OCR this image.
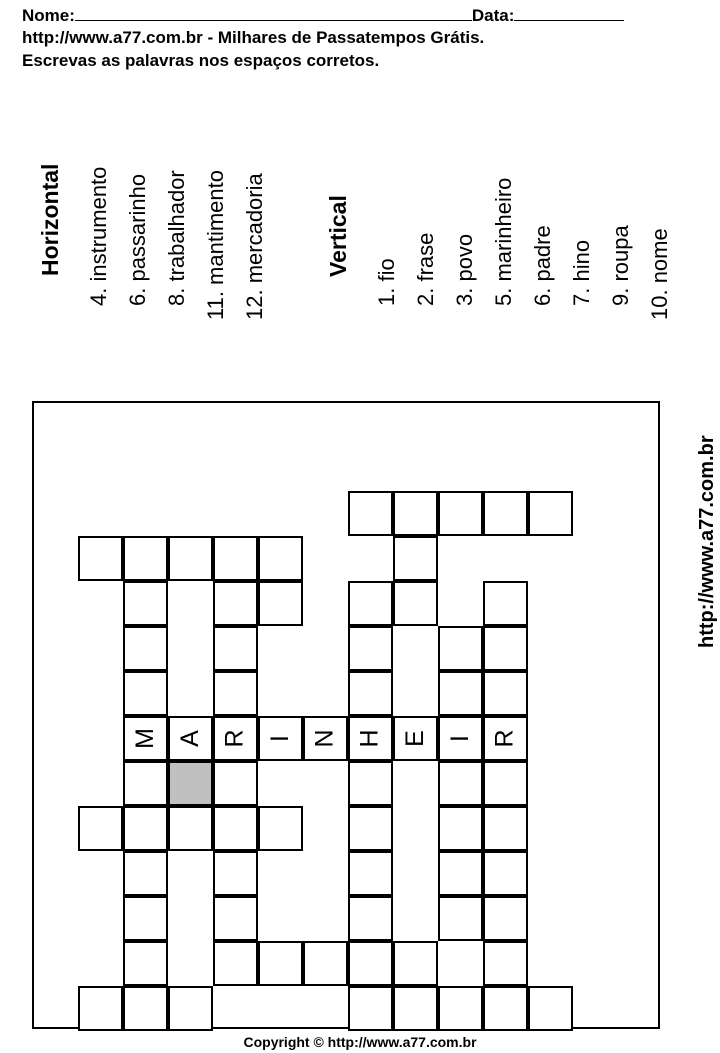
Nome:	Data:
http://www.a77.com.br - Milhares de Passatempos Grátis.
Escrevas as palavras nos espaços corretos.
Horizontal 4. instrumento 6. passarinho 8. trabalhador 11. mantimento 12. mercadoria	Vertical
1. fio 2. frase 3. povo 5. marinheiro 6. padre 7. hino 9. roupa 10. nome
M A R I N H E I R
http://www.a77.com.br
Copyright © http://www.a77.com.br
